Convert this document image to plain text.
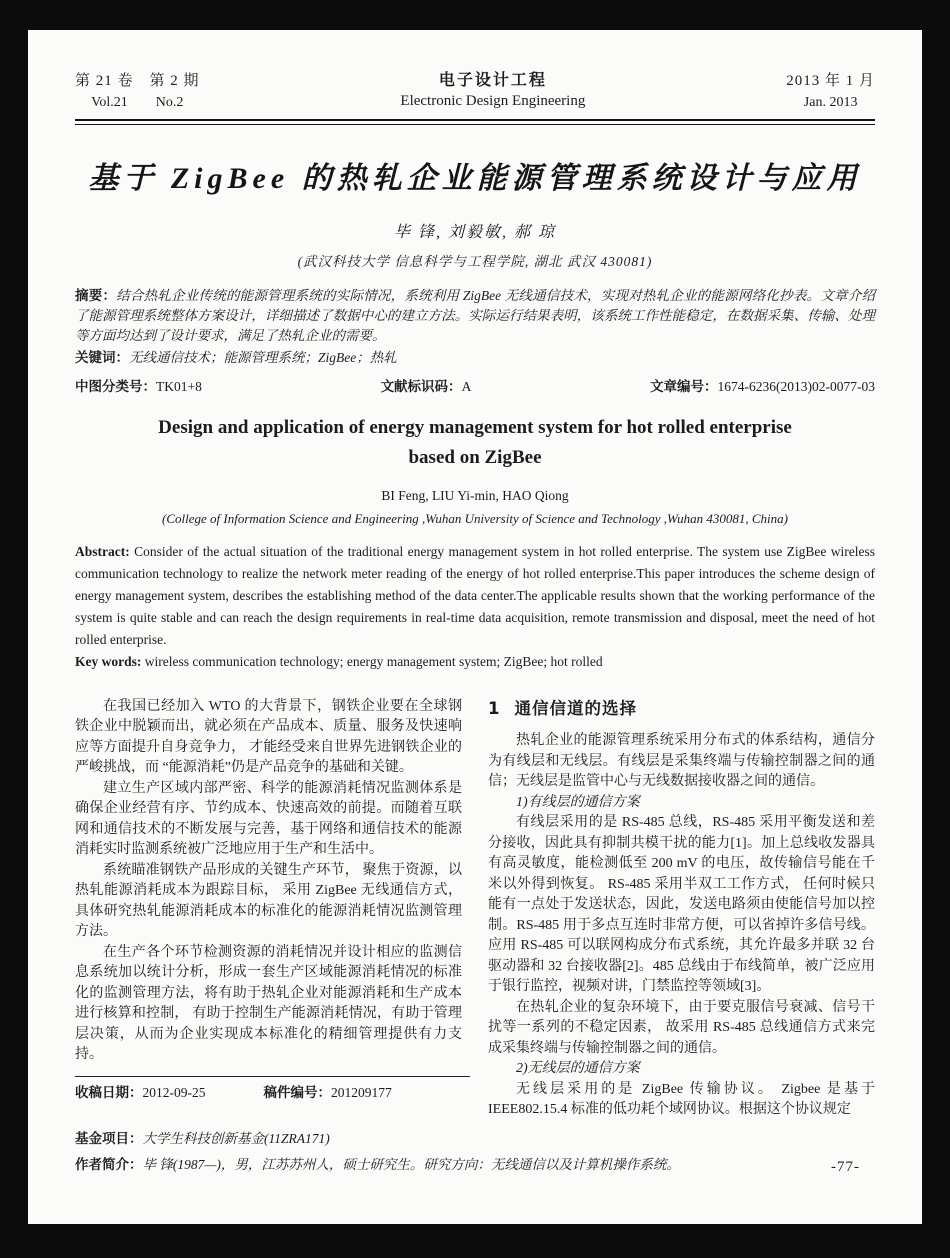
第 21 卷　第 2 期
Vol.21　　No.2
电子设计工程
Electronic Design Engineering
2013 年 1 月
Jan. 2013
基于 ZigBee 的热轧企业能源管理系统设计与应用
毕 锋, 刘毅敏, 郝 琼
(武汉科技大学 信息科学与工程学院, 湖北 武汉 430081)
摘要：结合热轧企业传统的能源管理系统的实际情况，系统利用 ZigBee 无线通信技术，实现对热轧企业的能源网络化抄表。文章介绍了能源管理系统整体方案设计，详细描述了数据中心的建立方法。实际运行结果表明，该系统工作性能稳定，在数据采集、传输、处理等方面均达到了设计要求，满足了热轧企业的需要。
关键词：无线通信技术；能源管理系统；ZigBee；热轧
中图分类号：TK01+8	文献标识码：A	文章编号：1674-6236(2013)02-0077-03
Design and application of energy management system for hot rolled enterprise
based on ZigBee
BI Feng, LIU Yi-min, HAO Qiong
(College of Information Science and Engineering ,Wuhan University of Science and Technology ,Wuhan 430081, China)
Abstract: Consider of the actual situation of the traditional energy management system in hot rolled enterprise. The system use ZigBee wireless communication technology to realize the network meter reading of the energy of hot rolled enterprise.This paper introduces the scheme design of energy management system, describes the establishing method of the data center.The applicable results shown that the working performance of the system is quite stable and can reach the design requirements in real-time data acquisition, remote transmission and disposal, meet the need of hot rolled enterprise.
Key words: wireless communication technology; energy management system; ZigBee; hot rolled

在我国已经加入 WTO 的大背景下，钢铁企业要在全球钢铁企业中脱颖而出，就必须在产品成本、质量、服务及快速响应等方面提升自身竞争力， 才能经受来自世界先进钢铁企业的严峻挑战，而 “能源消耗”仍是产品竞争的基础和关键。

建立生产区域内部严密、科学的能源消耗情况监测体系是确保企业经营有序、节约成本、快速高效的前提。而随着互联网和通信技术的不断发展与完善，基于网络和通信技术的能源消耗实时监测系统被广泛地应用于生产和生活中。

系统瞄准钢铁产品形成的关键生产环节， 聚焦于资源，以热轧能源消耗成本为跟踪目标， 采用 ZigBee 无线通信方式，具体研究热轧能源消耗成本的标准化的能源消耗情况监测管理方法。

在生产各个环节检测资源的消耗情况并设计相应的监测信息系统加以统计分析，形成一套生产区域能源消耗情况的标准化的监测管理方法，将有助于热轧企业对能源消耗和生产成本进行核算和控制， 有助于控制生产能源消耗情况，有助于管理层决策，从而为企业实现成本标准化的精细管理提供有力支持。

收稿日期：2012-09-25	稿件编号：201209177
1 通信信道的选择

热轧企业的能源管理系统采用分布式的体系结构，通信分为有线层和无线层。有线层是采集终端与传输控制器之间的通信；无线层是监管中心与无线数据接收器之间的通信。

1)有线层的通信方案

有线层采用的是 RS-485 总线，RS-485 采用平衡发送和差分接收，因此具有抑制共模干扰的能力[1]。加上总线收发器具有高灵敏度，能检测低至 200 mV 的电压，故传输信号能在千米以外得到恢复。 RS-485 采用半双工工作方式， 任何时候只能有一点处于发送状态，因此，发送电路须由使能信号加以控制。RS-485 用于多点互连时非常方便，可以省掉许多信号线。应用 RS-485 可以联网构成分布式系统，其允许最多并联 32 台驱动器和 32 台接收器[2]。485 总线由于布线简单，被广泛应用于银行监控，视频对讲，门禁监控等领域[3]。

在热轧企业的复杂环境下，由于要克服信号衰减、信号干扰等一系列的不稳定因素， 故采用 RS-485 总线通信方式来完成采集终端与传输控制器之间的通信。

2)无线层的通信方案

无线层采用的是 ZigBee 传输协议。 Zigbee 是基于 IEEE802.15.4 标准的低功耗个域网协议。根据这个协议规定

基金项目：大学生科技创新基金(11ZRA171)
作者简介：毕 锋(1987—)，男，江苏苏州人，硕士研究生。研究方向：无线通信以及计算机操作系统。	-77-
